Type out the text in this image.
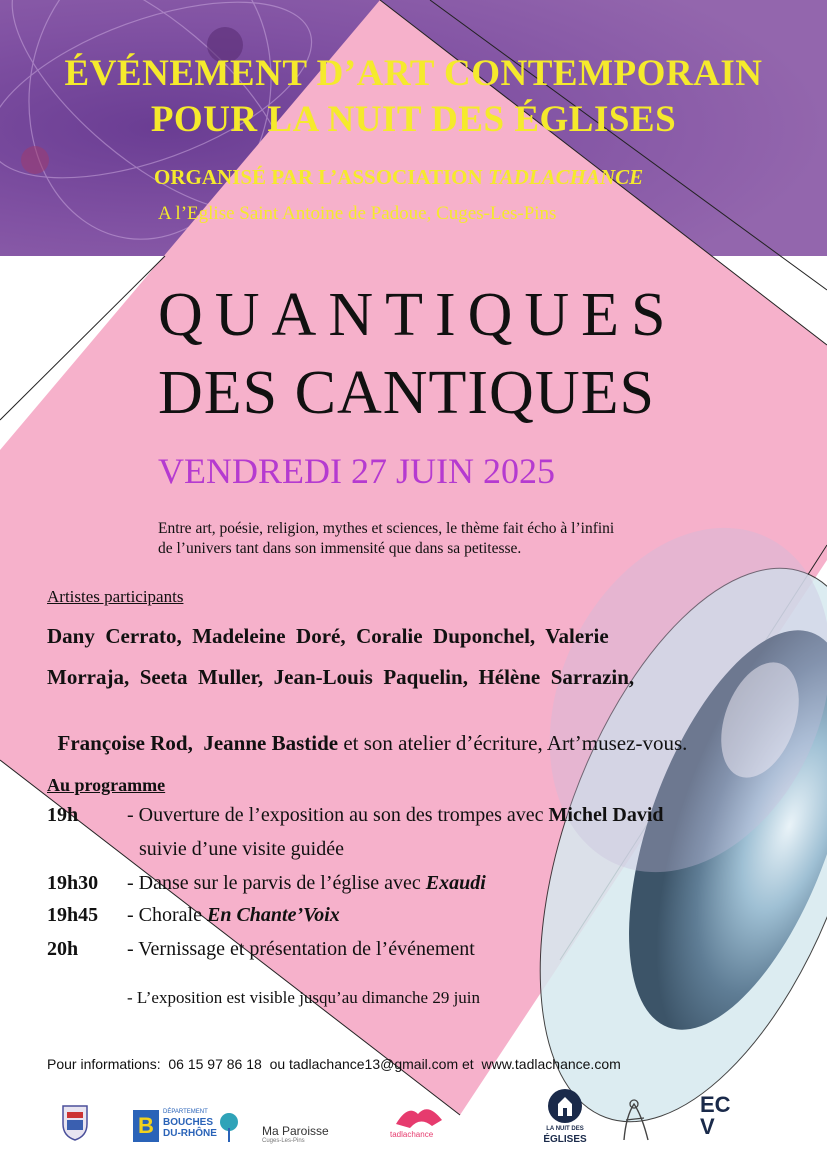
ÉVÉNEMENT D’ART CONTEMPORAIN
POUR LA NUIT DES ÉGLISES
ORGANISÉ PAR L’ASSOCIATION TADLACHANCE
A l’Eglise Saint Antoine de Padoue, Cuges-Les-Pins
QUANTIQUES
DES CANTIQUES
VENDREDI 27 JUIN 2025
Entre art, poésie, religion, mythes et sciences, le thème fait écho à l’infini
de l’univers tant dans son immensité que dans sa petitesse.
Artistes participants
Dany  Cerrato,  Madeleine  Doré,  Coralie  Duponchel,  Valerie
Morraja,  Seeta  Muller,  Jean-Louis  Paquelin,  Hélène  Sarrazin,

Françoise Rod,  Jeanne Bastide et son atelier d’écriture, Art’musez-vous.

Au programme
19h - Ouverture de l’exposition au son des trompes avec Michel David
suivie d’une visite guidée
19h30 - Danse sur le parvis de l’église avec Exaudi
19h45 - Chorale En Chante’Voix
20h - Vernissage et présentation de l’événement
- L’exposition est visible jusqu’au dimanche 29 juin
Pour informations:  06 15 97 86 18  ou tadlachance13@gmail.com et  www.tadlachance.com
B
DÉPARTEMENT
BOUCHES DU-RHÔNE	Ma Paroisse
Cuges-Les-Pins
tadlachance
LA NUIT DES
ÉGLISES
EC V
